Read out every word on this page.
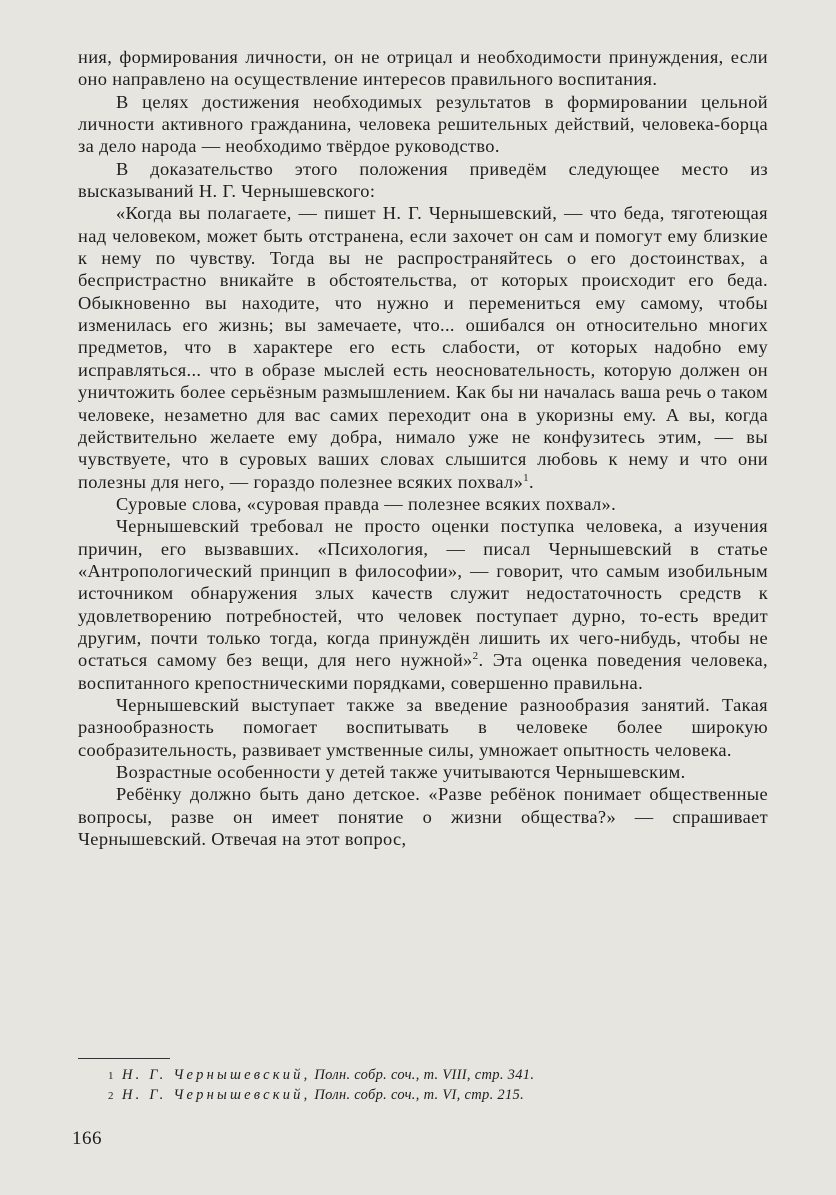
ния, формирования личности, он не отрицал и необходимости принуждения, если оно направлено на осуществление интересов правильного воспитания.

В целях достижения необходимых результатов в формировании цельной личности активного гражданина, человека решительных действий, человека-борца за дело народа — необходимо твёрдое руководство.

В доказательство этого положения приведём следующее место из высказываний Н. Г. Чернышевского:

«Когда вы полагаете, — пишет Н. Г. Чернышевский, — что беда, тяготеющая над человеком, может быть отстранена, если захочет он сам и помогут ему близкие к нему по чувству. Тогда вы не распространяйтесь о его достоинствах, а беспристрастно вникайте в обстоятельства, от которых происходит его беда. Обыкновенно вы находите, что нужно и перемениться ему самому, чтобы изменилась его жизнь; вы замечаете, что... ошибался он относительно многих предметов, что в характере его есть слабости, от которых надобно ему исправляться... что в образе мыслей есть неосновательность, которую должен он уничтожить более серьёзным размышлением. Как бы ни началась ваша речь о таком человеке, незаметно для вас самих переходит она в укоризны ему. А вы, когда действительно желаете ему добра, нимало уже не конфузитесь этим, — вы чувствуете, что в суровых ваших словах слышится любовь к нему и что они полезны для него, — гораздо полезнее всяких похвал»$^1$.

Суровые слова, «суровая правда — полезнее всяких похвал».

Чернышевский требовал не просто оценки поступка человека, а изучения причин, его вызвавших. «Психология, — писал Чернышевский в статье «Антропологический принцип в философии», — говорит, что самым изобильным источником обнаружения злых качеств служит недостаточность средств к удовлетворению потребностей, что человек поступает дурно, то-есть вредит другим, почти только тогда, когда принуждён лишить их чего-нибудь, чтобы не остаться самому без вещи, для него нужной»$^2$. Эта оценка поведения человека, воспитанного крепостническими порядками, совершенно правильна.

Чернышевский выступает также за введение разнообразия занятий. Такая разнообразность помогает воспитывать в человеке более широкую сообразительность, развивает умственные силы, умножает опытность человека.

Возрастные особенности у детей также учитываются Чернышевским.

Ребёнку должно быть дано детское. «Разве ребёнок понимает общественные вопросы, разве он имеет понятие о жизни общества?» — спрашивает Чернышевский. Отвечая на этот вопрос,

1 Н. Г. Чернышевский, Полн. собр. соч., т. VIII, стр. 341.
2 Н. Г. Чернышевский, Полн. собр. соч., т. VI, стр. 215.
166
